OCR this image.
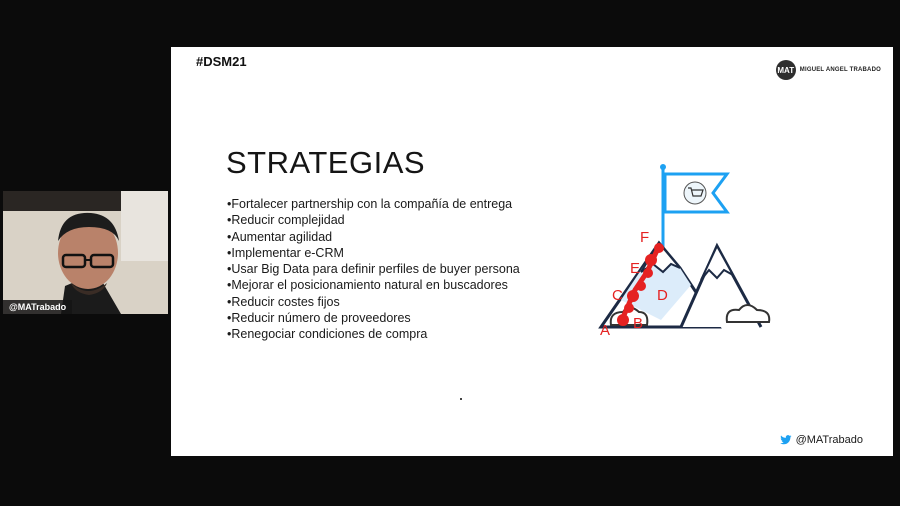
#DSM21
MAT MIGUEL ANGEL TRABADO
STRATEGIAS
•Fortalecer partnership con la compañía de entrega
•Reducir complejidad
•Aumentar agilidad
•Implementar e-CRM
•Usar Big Data para definir perfiles de buyer persona
•Mejorar el posicionamiento natural en buscadores
•Reducir costes fijos
•Reducir número de proveedores
•Renegociar condiciones de compra	A B
C D
E
F
@MATrabado
@MATrabado
